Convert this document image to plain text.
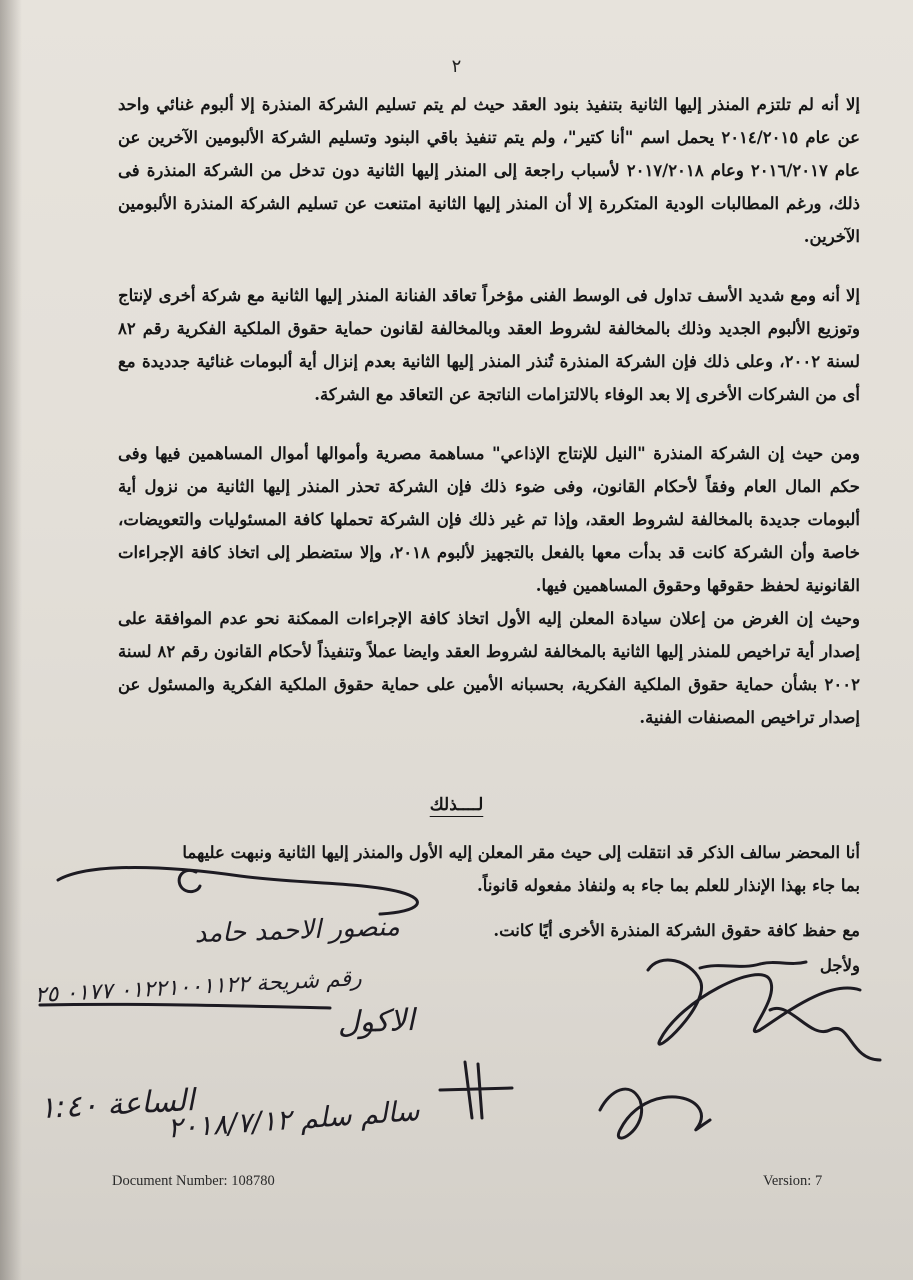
٢

إلا أنه لم تلتزم المنذر إليها الثانية بتنفيذ بنود العقد حيث لم يتم تسليم الشركة المنذرة إلا ألبوم غنائي واحد عن عام ٢٠١٤/٢٠١٥ يحمل اسم "أنا كتير"، ولم يتم تنفيذ باقي البنود وتسليم الشركة الألبومين الآخرين عن عام ٢٠١٦/٢٠١٧ وعام ٢٠١٧/٢٠١٨ لأسباب راجعة إلى المنذر إليها الثانية دون تدخل من الشركة المنذرة فى ذلك، ورغم المطالبات الودية المتكررة إلا أن المنذر إليها الثانية امتنعت عن تسليم الشركة المنذرة الألبومين الآخرين.

إلا أنه ومع شديد الأسف تداول فى الوسط الفنى مؤخراً تعاقد الفنانة المنذر إليها الثانية مع شركة أخرى لإنتاج وتوزيع الألبوم الجديد وذلك بالمخالفة لشروط العقد وبالمخالفة لقانون حماية حقوق الملكية الفكرية رقم ٨٢ لسنة ٢٠٠٢، وعلى ذلك فإن الشركة المنذرة تُنذر المنذر إليها الثانية بعدم إنزال أية ألبومات غنائية جدديدة مع أى من الشركات الأخرى إلا بعد الوفاء بالالتزامات الناتجة عن التعاقد مع الشركة.

ومن حيث إن الشركة المنذرة "النيل للإنتاج الإذاعي" مساهمة مصرية وأموالها أموال المساهمين فيها وفى حكم المال العام وفقاً لأحكام القانون، وفى ضوء ذلك فإن الشركة تحذر المنذر إليها الثانية من نزول أية ألبومات جديدة بالمخالفة لشروط العقد، وإذا تم غير ذلك فإن الشركة تحملها كافة المسئوليات والتعويضات، خاصة وأن الشركة كانت قد بدأت معها بالفعل بالتجهيز لألبوم ٢٠١٨، وإلا ستضطر إلى اتخاذ كافة الإجراءات القانونية لحفظ حقوقها وحقوق المساهمين فيها.

وحيث إن الغرض من إعلان سيادة المعلن إليه الأول اتخاذ كافة الإجراءات الممكنة نحو عدم الموافقة على إصدار أية تراخيص للمنذر إليها الثانية بالمخالفة لشروط العقد وايضا عملاً وتنفيذاً لأحكام القانون رقم ٨٢ لسنة ٢٠٠٢ بشأن حماية حقوق الملكية الفكرية، بحسبانه الأمين على حماية حقوق الملكية الفكرية والمسئول عن إصدار تراخيص المصنفات الفنية.

لــــذلك
أنا المحضر سالف الذكر قد انتقلت إلى حيث مقر المعلن إليه الأول والمنذر إليها الثانية ونبهت عليهما
بما جاء بهذا الإنذار للعلم بما جاء به ولنفاذ مفعوله قانوناً.
مع حفظ كافة حقوق الشركة المنذرة الأخرى أيًا كانت.
ولأجل
منصور الاحمد حامد
رقم شريحة ٠١٢٢١٠٠١١٢٢ ٠١٧٧ ٢٥
الاكول
سالم سلم ٢٠١٨/٧/١٢
الساعة ١:٤٠
Document Number: 108780	Version: 7
